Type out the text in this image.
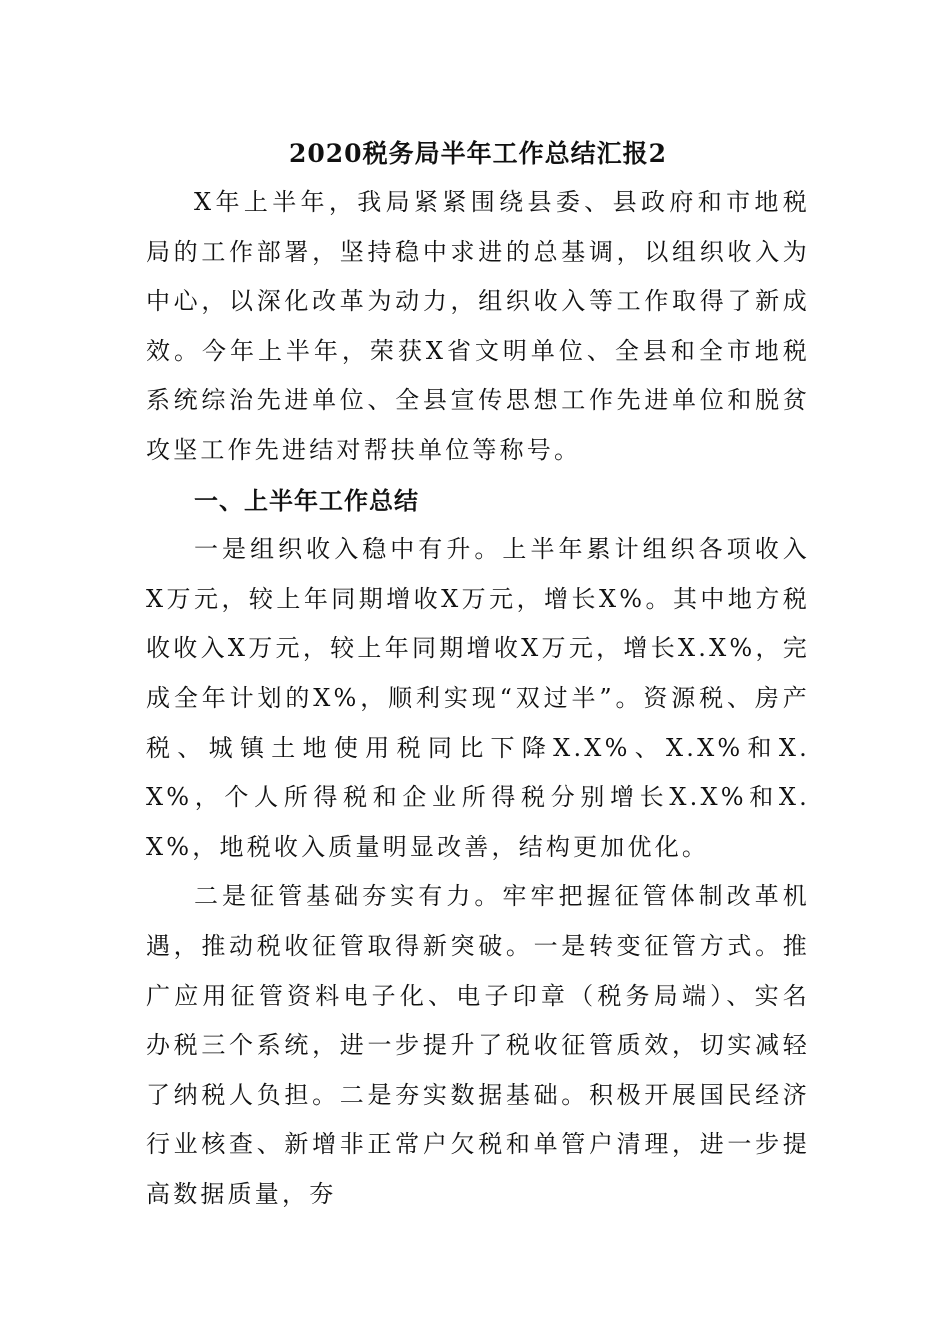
2020税务局半年工作总结汇报2

X年上半年，我局紧紧围绕县委、县政府和市地税局的工作部署，坚持稳中求进的总基调，以组织收入为中心，以深化改革为动力，组织收入等工作取得了新成效。今年上半年，荣获X省文明单位、全县和全市地税系统综治先进单位、全县宣传思想工作先进单位和脱贫攻坚工作先进结对帮扶单位等称号。

一、上半年工作总结

一是组织收入稳中有升。上半年累计组织各项收入X万元，较上年同期增收X万元，增长X%。其中地方税收收入X万元，较上年同期增收X万元，增长X.X%，完成全年计划的X%，顺利实现“双过半”。资源税、房产税、城镇土地使用税同比下降X.X%、X.X%和X.X%，个人所得税和企业所得税分别增长X.X%和X.X%，地税收入质量明显改善，结构更加优化。

二是征管基础夯实有力。牢牢把握征管体制改革机遇，推动税收征管取得新突破。一是转变征管方式。推广应用征管资料电子化、电子印章（税务局端）、实名办税三个系统，进一步提升了税收征管质效，切实减轻了纳税人负担。二是夯实数据基础。积极开展国民经济行业核查、新增非正常户欠税和单管户清理，进一步提高数据质量，夯
